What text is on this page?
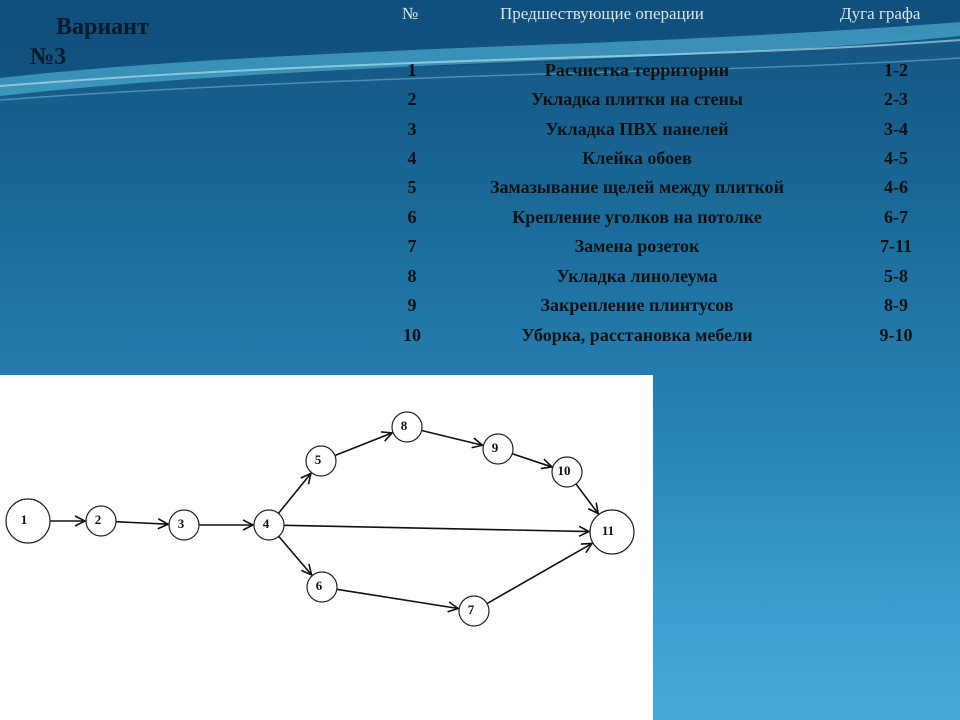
Вариант
№3
№	Предшествующие операции	Дуга графа
1	Расчистка территории	1-2
2	Укладка плитки на стены	2-3
3	Укладка ПВХ панелей	3-4
4	Клейка обоев	4-5
5	Замазывание щелей между плиткой	4-6
6	Крепление уголков на потолке	6-7
7	Замена розеток	7-11
8	Укладка линолеума	5-8
9	Закрепление плинтусов	8-9
10	Уборка, расстановка мебели	9-10
1	2	3	4
5
6
7
8
9
10
11
